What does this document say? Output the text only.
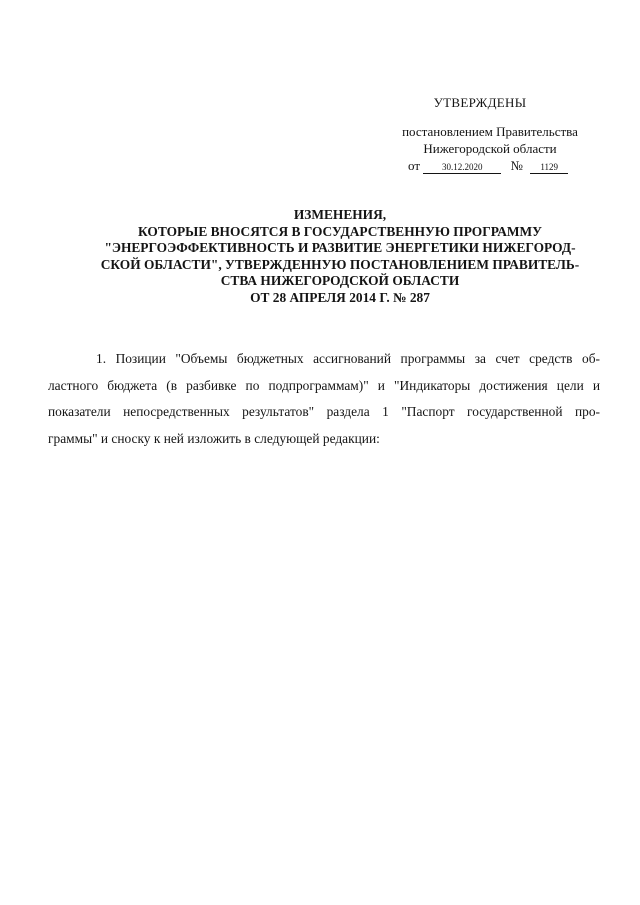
УТВЕРЖДЕНЫ
постановлением Правительства
Нижегородской области
от 30.12.2020 № 1129
ИЗМЕНЕНИЯ,
КОТОРЫЕ ВНОСЯТСЯ В ГОСУДАРСТВЕННУЮ ПРОГРАММУ
"ЭНЕРГОЭФФЕКТИВНОСТЬ И РАЗВИТИЕ ЭНЕРГЕТИКИ НИЖЕГОРОД-
СКОЙ ОБЛАСТИ", УТВЕРЖДЕННУЮ ПОСТАНОВЛЕНИЕМ ПРАВИТЕЛЬ-
СТВА НИЖЕГОРОДСКОЙ ОБЛАСТИ
ОТ 28 АПРЕЛЯ 2014 Г. № 287
1. Позиции "Объемы бюджетных ассигнований программы за счет средств об-
ластного бюджета (в разбивке по подпрограммам)" и "Индикаторы достижения цели и
показатели непосредственных результатов" раздела 1 "Паспорт государственной про-
граммы" и сноску к ней изложить в следующей редакции:
